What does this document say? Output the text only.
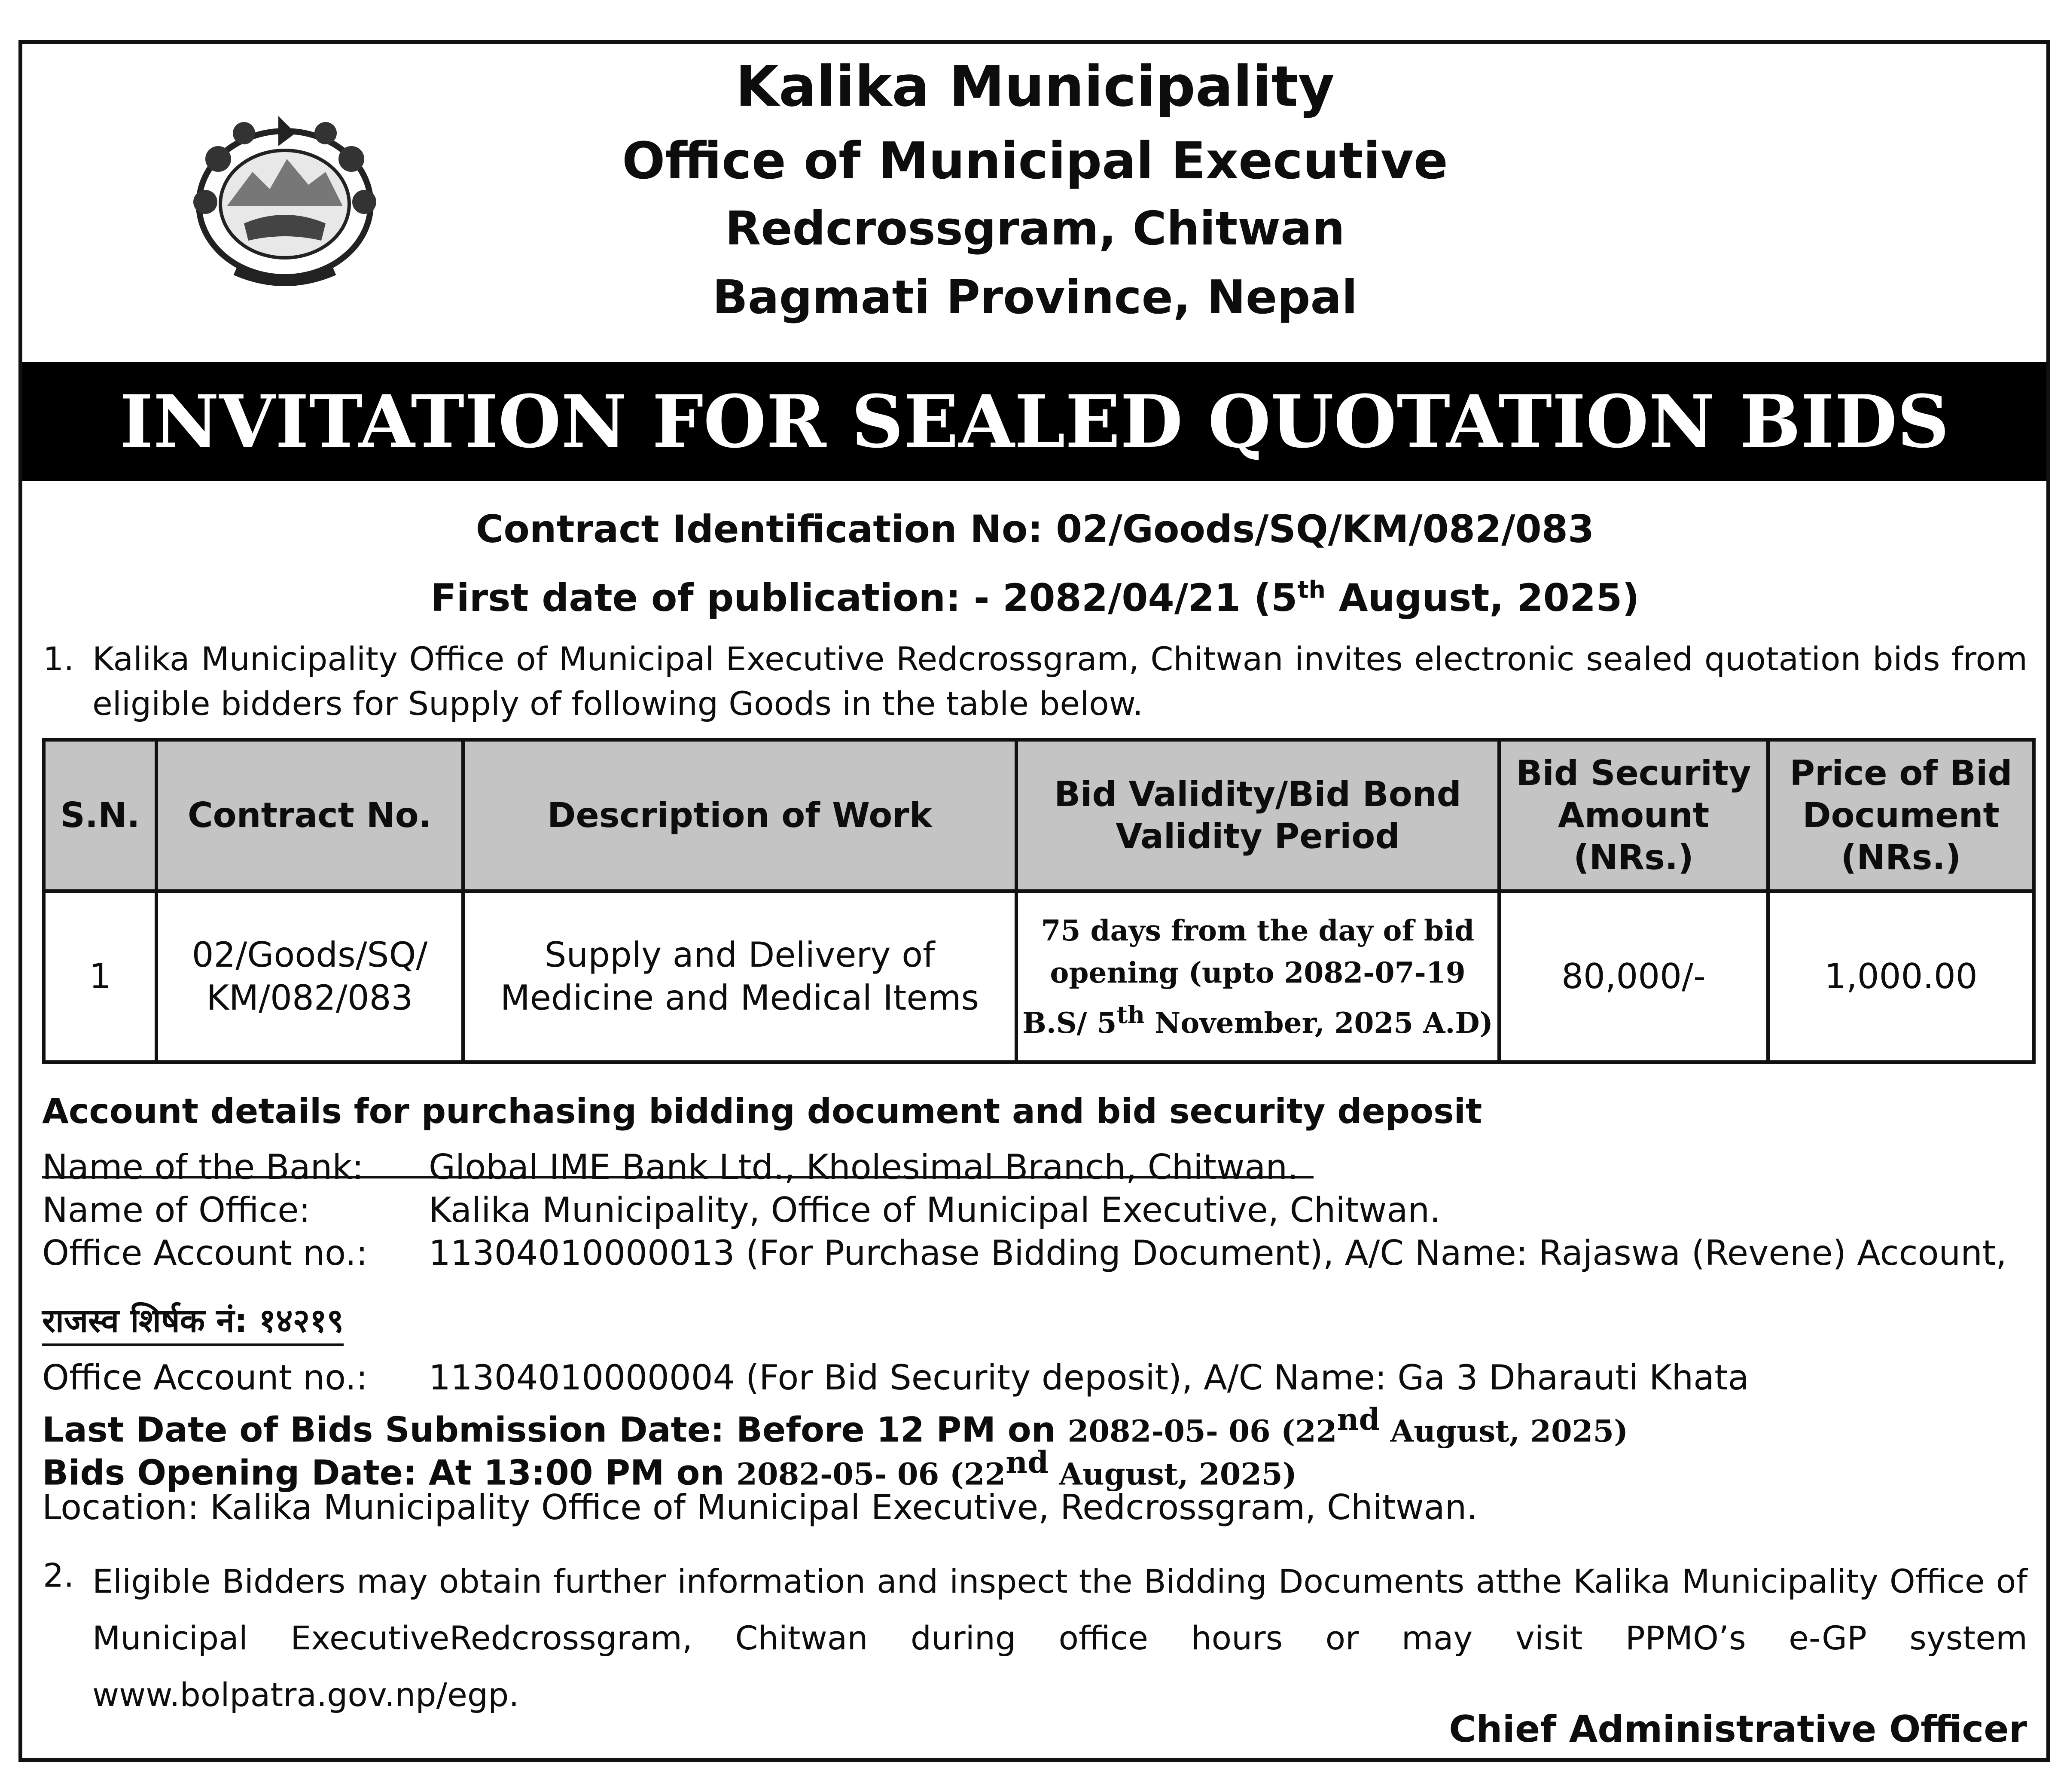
Kalika Municipality
Office of Municipal Executive
Redcrossgram, Chitwan
Bagmati Province, Nepal
INVITATION FOR SEALED QUOTATION BIDS
Contract Identification No: 02/Goods/SQ/KM/082/083
First date of publication: - 2082/04/21 (5th August, 2025)
1. Kalika Municipality Office of Municipal Executive Redcrossgram, Chitwan invites electronic sealed quotation bids from eligible bidders for Supply of following Goods in the table below.
S.N.	Contract No.	Description of Work	Bid Validity/Bid Bond Validity Period	Bid Security Amount (NRs.)	Price of Bid Document (NRs.)
1	02/Goods/SQ/ KM/082/083	Supply and Delivery of Medicine and Medical Items	75 days from the day of bid opening (upto 2082-07-19 B.S/ 5th November, 2025 A.D)	80,000/-	1,000.00
Account details for purchasing bidding document and bid security deposit
Name of the Bank: Global IME Bank Ltd., Kholesimal Branch, Chitwan.
Name of Office:	Kalika Municipality, Office of Municipal Executive, Chitwan.
Office Account no.: 11304010000013 (For Purchase Bidding Document), A/C Name: Rajaswa (Revene) Account,
राजस्व शिर्षक नं: १४२१९
Office Account no.: 11304010000004 (For Bid Security deposit), A/C Name: Ga 3 Dharauti Khata
Last Date of Bids Submission Date: Before 12 PM on 2082-05- 06 (22nd August, 2025)
Bids Opening Date: At 13:00 PM on 2082-05- 06 (22nd August, 2025)
Location: Kalika Municipality Office of Municipal Executive, Redcrossgram, Chitwan.
2. Eligible Bidders may obtain further information and inspect the Bidding Documents atthe Kalika Municipality Office of Municipal ExecutiveRedcrossgram, Chitwan during office hours or may visit PPMO’s e-GP system www.bolpatra.gov.np/egp.
Chief Administrative Officer
